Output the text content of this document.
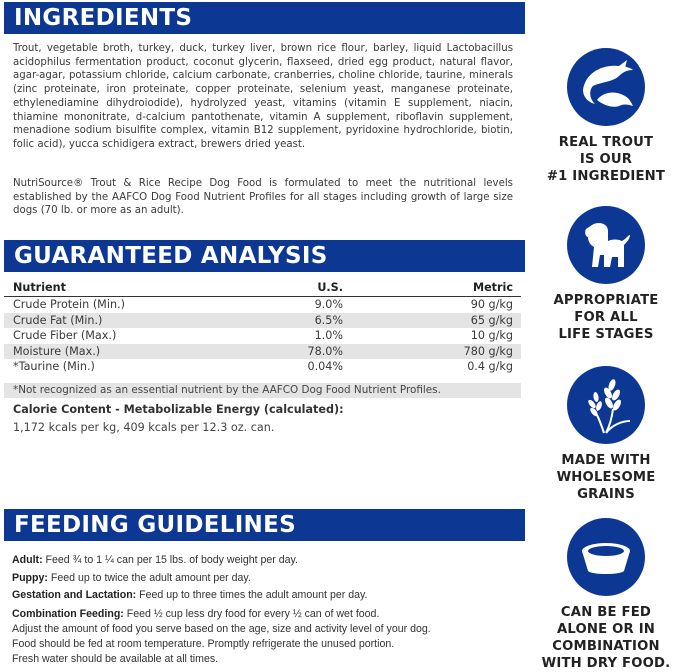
INGREDIENTS
Trout, vegetable broth, turkey, duck, turkey liver, brown rice flour, barley, liquid Lactobacillus acidophilus fermentation product, coconut glycerin, flaxseed, dried egg product, natural flavor, agar-agar, potassium chloride, calcium carbonate, cranberries, choline chloride, taurine, minerals (zinc proteinate, iron proteinate, copper proteinate, selenium yeast, manganese proteinate, ethylenediamine dihydroiodide), hydrolyzed yeast, vitamins (vitamin E supplement, niacin, thiamine mononitrate, d-calcium pantothenate, vitamin A supplement, riboflavin supplement, menadione sodium bisulfite complex, vitamin B12 supplement, pyridoxine hydrochloride, biotin, folic acid), yucca schidigera extract, brewers dried yeast.
NutriSource® Trout & Rice Recipe Dog Food is formulated to meet the nutritional levels established by the AAFCO Dog Food Nutrient Profiles for all stages including growth of large size dogs (70 lb. or more as an adult).
GUARANTEED ANALYSIS
Nutrient	U.S.	Metric
Crude Protein (Min.)	9.0%	90 g/kg
Crude Fat (Min.)	6.5%	65 g/kg
Crude Fiber (Max.)	1.0%	10 g/kg
Moisture (Max.)	78.0%	780 g/kg
*Taurine (Min.)	0.04%	0.4 g/kg
*Not recognized as an essential nutrient by the AAFCO Dog Food Nutrient Profiles.
Calorie Content - Metabolizable Energy (calculated):
1,172 kcals per kg, 409 kcals per 12.3 oz. can.
FEEDING GUIDELINES
Adult: Feed ¾ to 1 ¼ can per 15 lbs. of body weight per day.
Puppy: Feed up to twice the adult amount per day.
Gestation and Lactation: Feed up to three times the adult amount per day.
Combination Feeding: Feed ½ cup less dry food for every ½ can of wet food.
Adjust the amount of food you serve based on the age, size and activity level of your dog.
Food should be fed at room temperature. Promptly refrigerate the unused portion.
Fresh water should be available at all times.
REAL TROUT
IS OUR
#1 INGREDIENT
APPROPRIATE
FOR ALL
LIFE STAGES
MADE WITH
WHOLESOME
GRAINS
CAN BE FED
ALONE OR IN
COMBINATION
WITH DRY FOOD.
